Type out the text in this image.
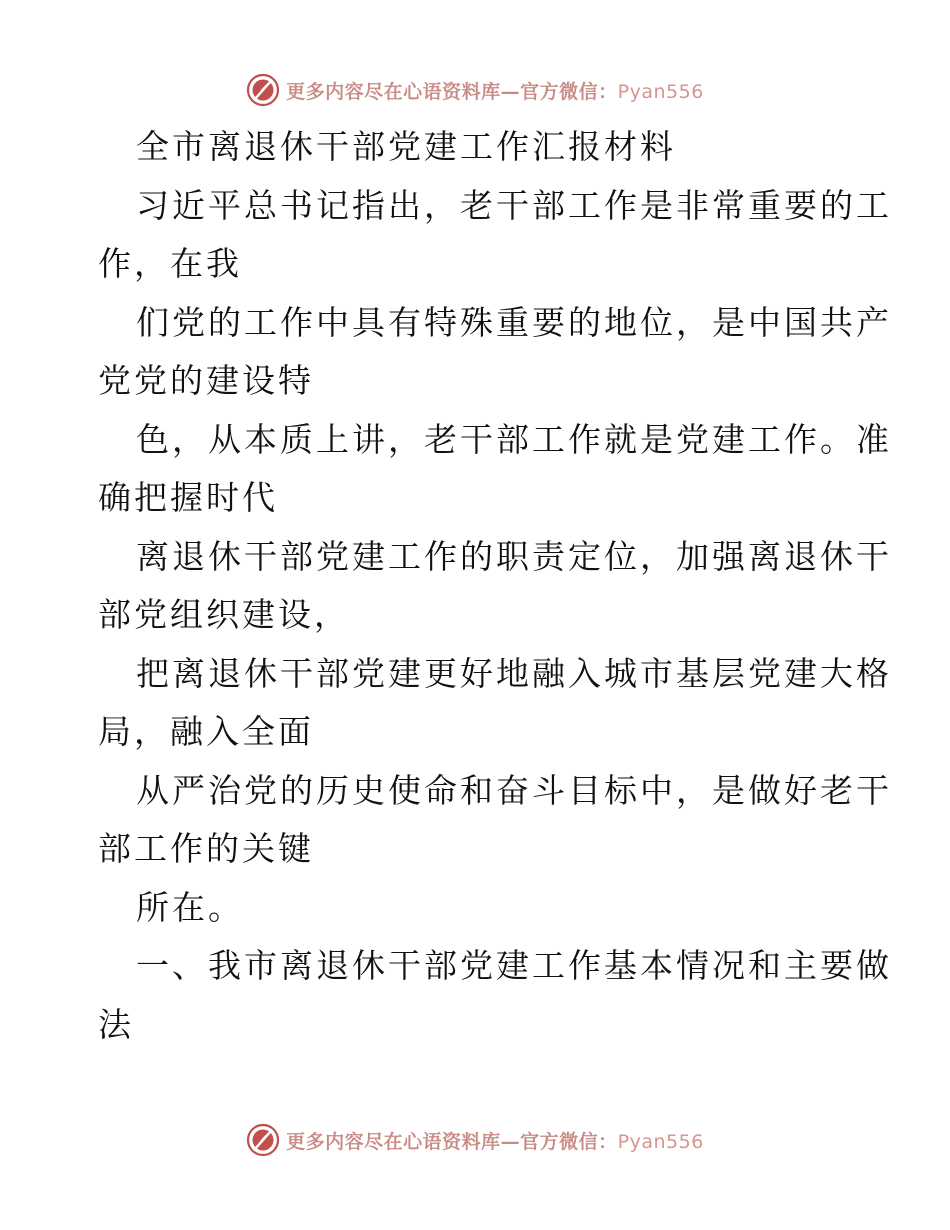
更多内容尽在心语资料库—官方微信：Pyan556
全市离退休干部党建工作汇报材料
习近平总书记指出，老干部工作是非常重要的工
作，在我
们党的工作中具有特殊重要的地位，是中国共产
党党的建设特
色，从本质上讲，老干部工作就是党建工作。准
确把握时代
离退休干部党建工作的职责定位，加强离退休干
部党组织建设，
把离退休干部党建更好地融入城市基层党建大格
局，融入全面
从严治党的历史使命和奋斗目标中，是做好老干
部工作的关键
所在。
一、我市离退休干部党建工作基本情况和主要做
法
更多内容尽在心语资料库—官方微信：Pyan556
